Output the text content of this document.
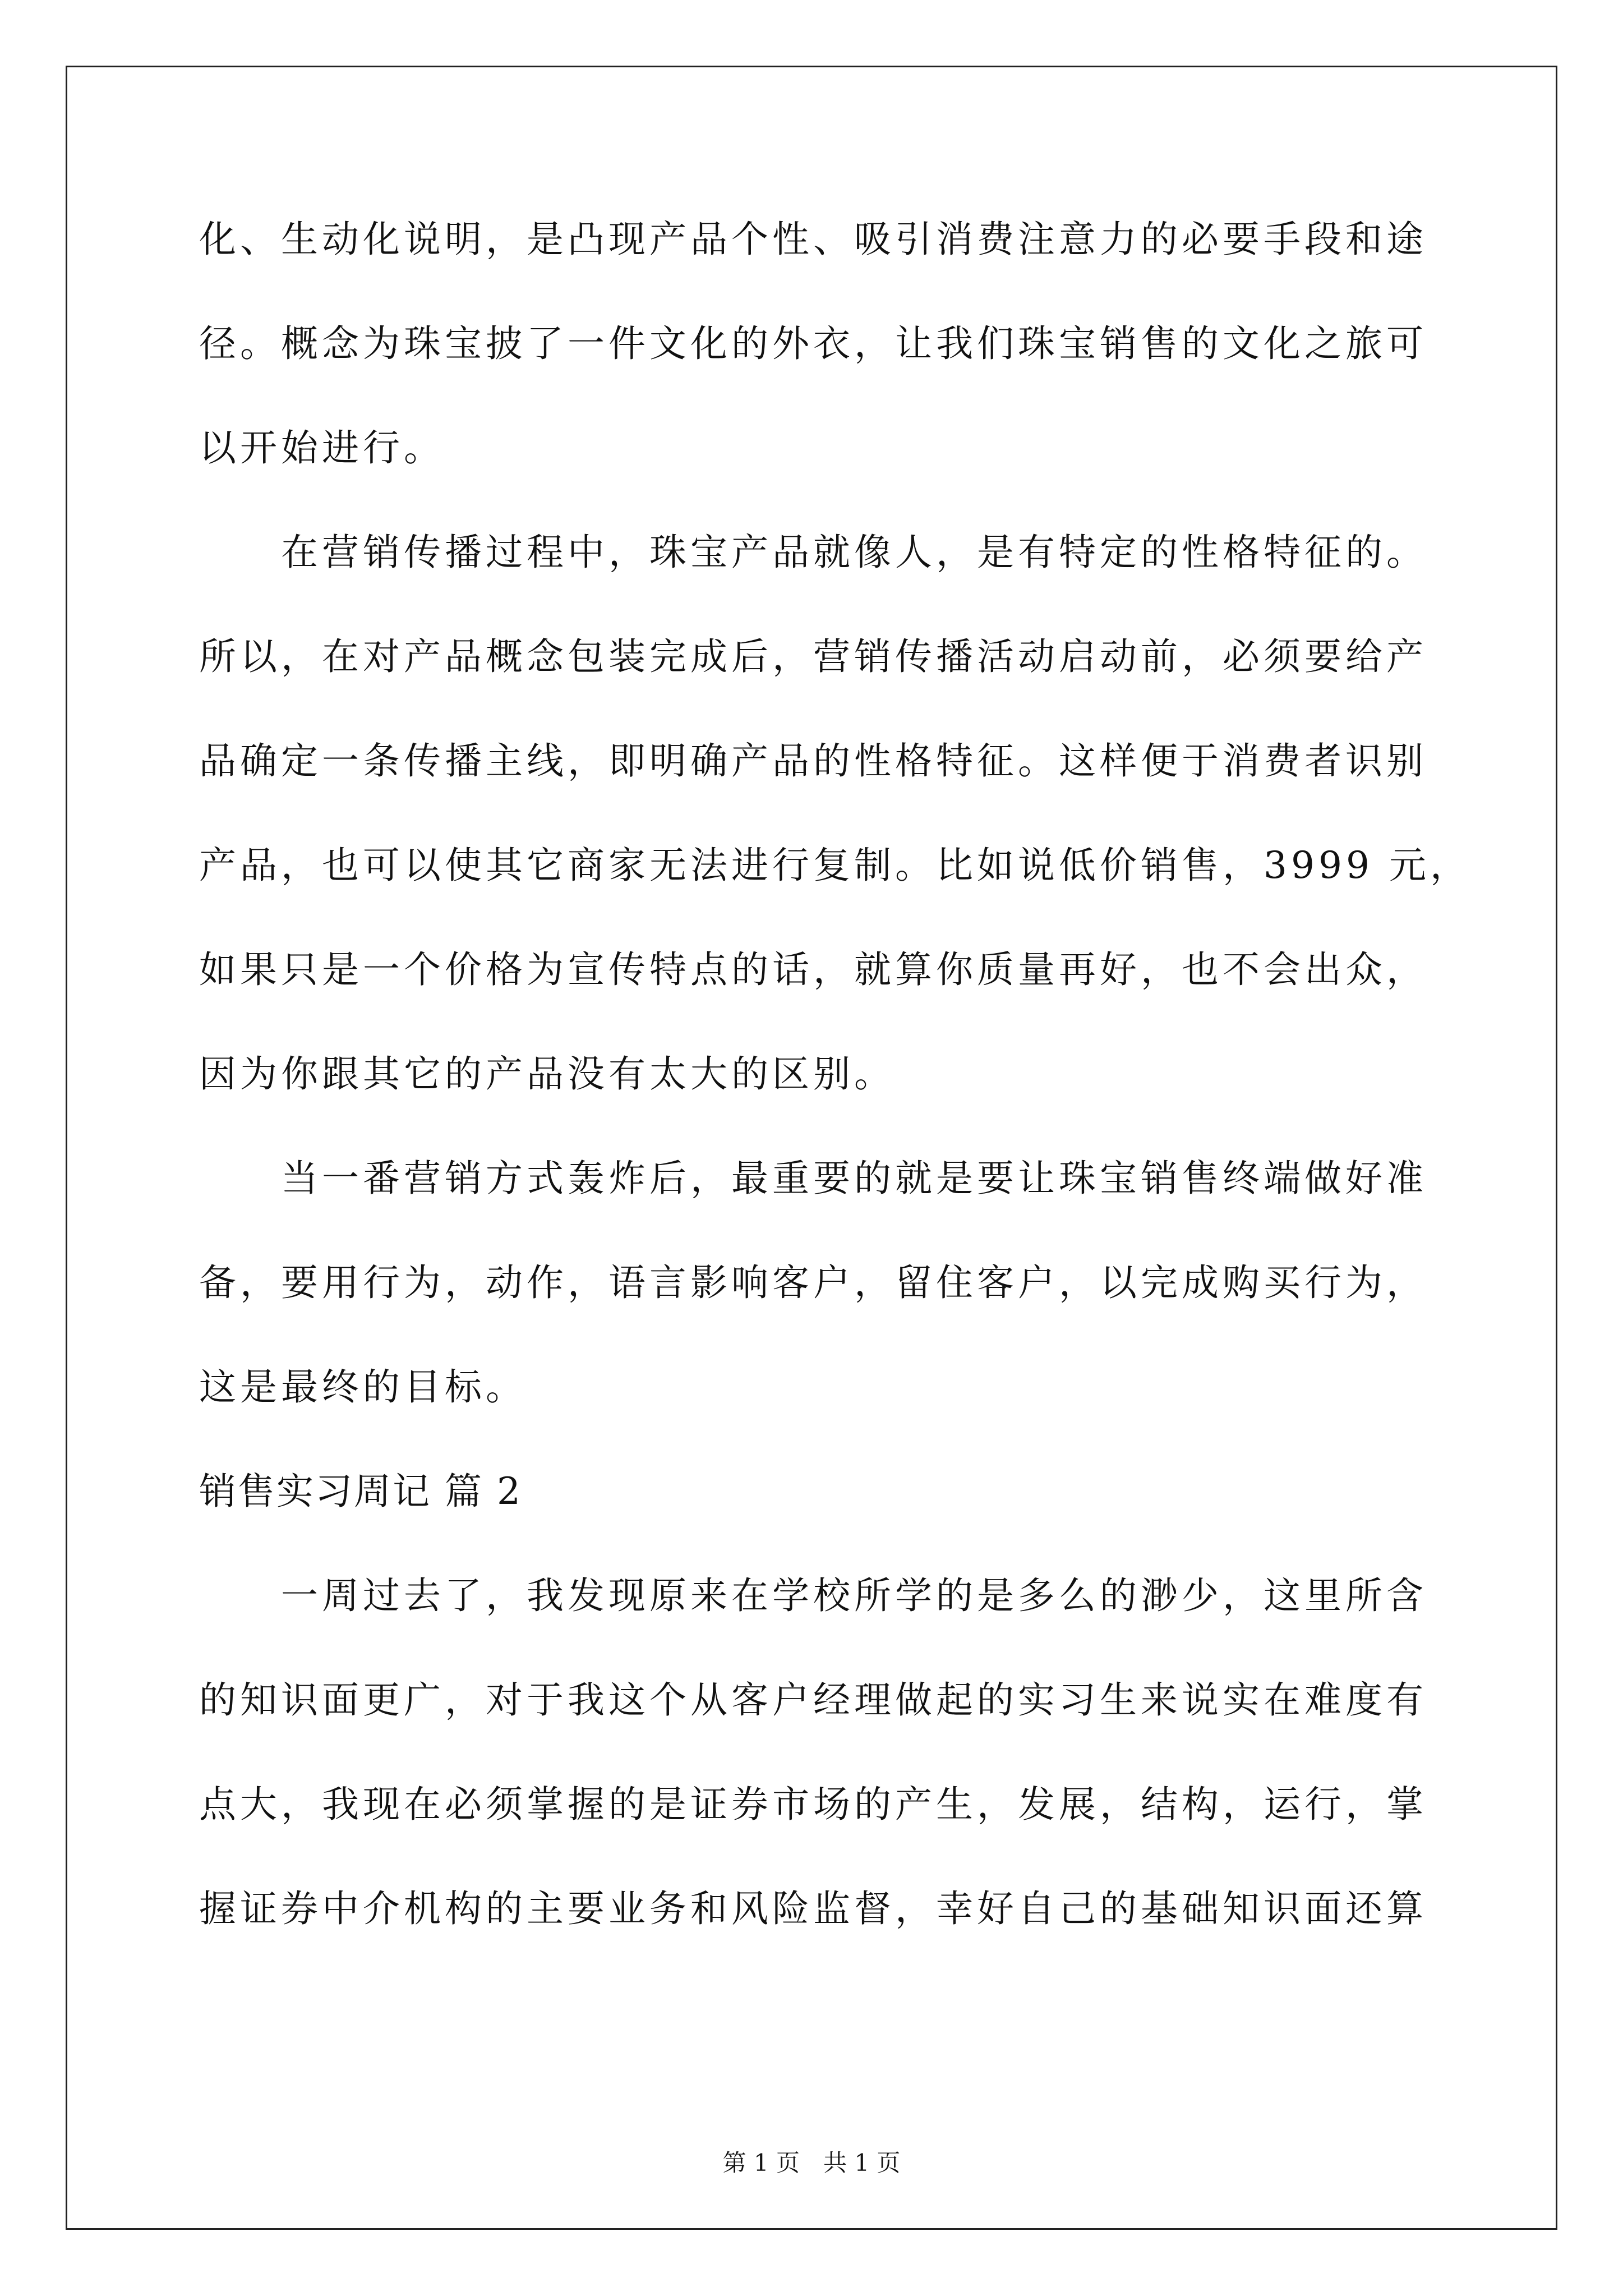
化、生动化说明，是凸现产品个性、吸引消费注意力的必要手段和途
径。概念为珠宝披了一件文化的外衣，让我们珠宝销售的文化之旅可
以开始进行。
在营销传播过程中，珠宝产品就像人，是有特定的性格特征的。
所以，在对产品概念包装完成后，营销传播活动启动前，必须要给产
品确定一条传播主线，即明确产品的性格特征。这样便于消费者识别
产品，也可以使其它商家无法进行复制。比如说低价销售，3999 元，
如果只是一个价格为宣传特点的话，就算你质量再好，也不会出众，
因为你跟其它的产品没有太大的区别。
当一番营销方式轰炸后，最重要的就是要让珠宝销售终端做好准
备，要用行为，动作，语言影响客户，留住客户，以完成购买行为，
这是最终的目标。
销售实习周记 篇 2
一周过去了，我发现原来在学校所学的是多么的渺少，这里所含
的知识面更广，对于我这个从客户经理做起的实习生来说实在难度有
点大，我现在必须掌握的是证券市场的产生，发展，结构，运行，掌
握证券中介机构的主要业务和风险监督，幸好自己的基础知识面还算
第 1 页　共 1 页
